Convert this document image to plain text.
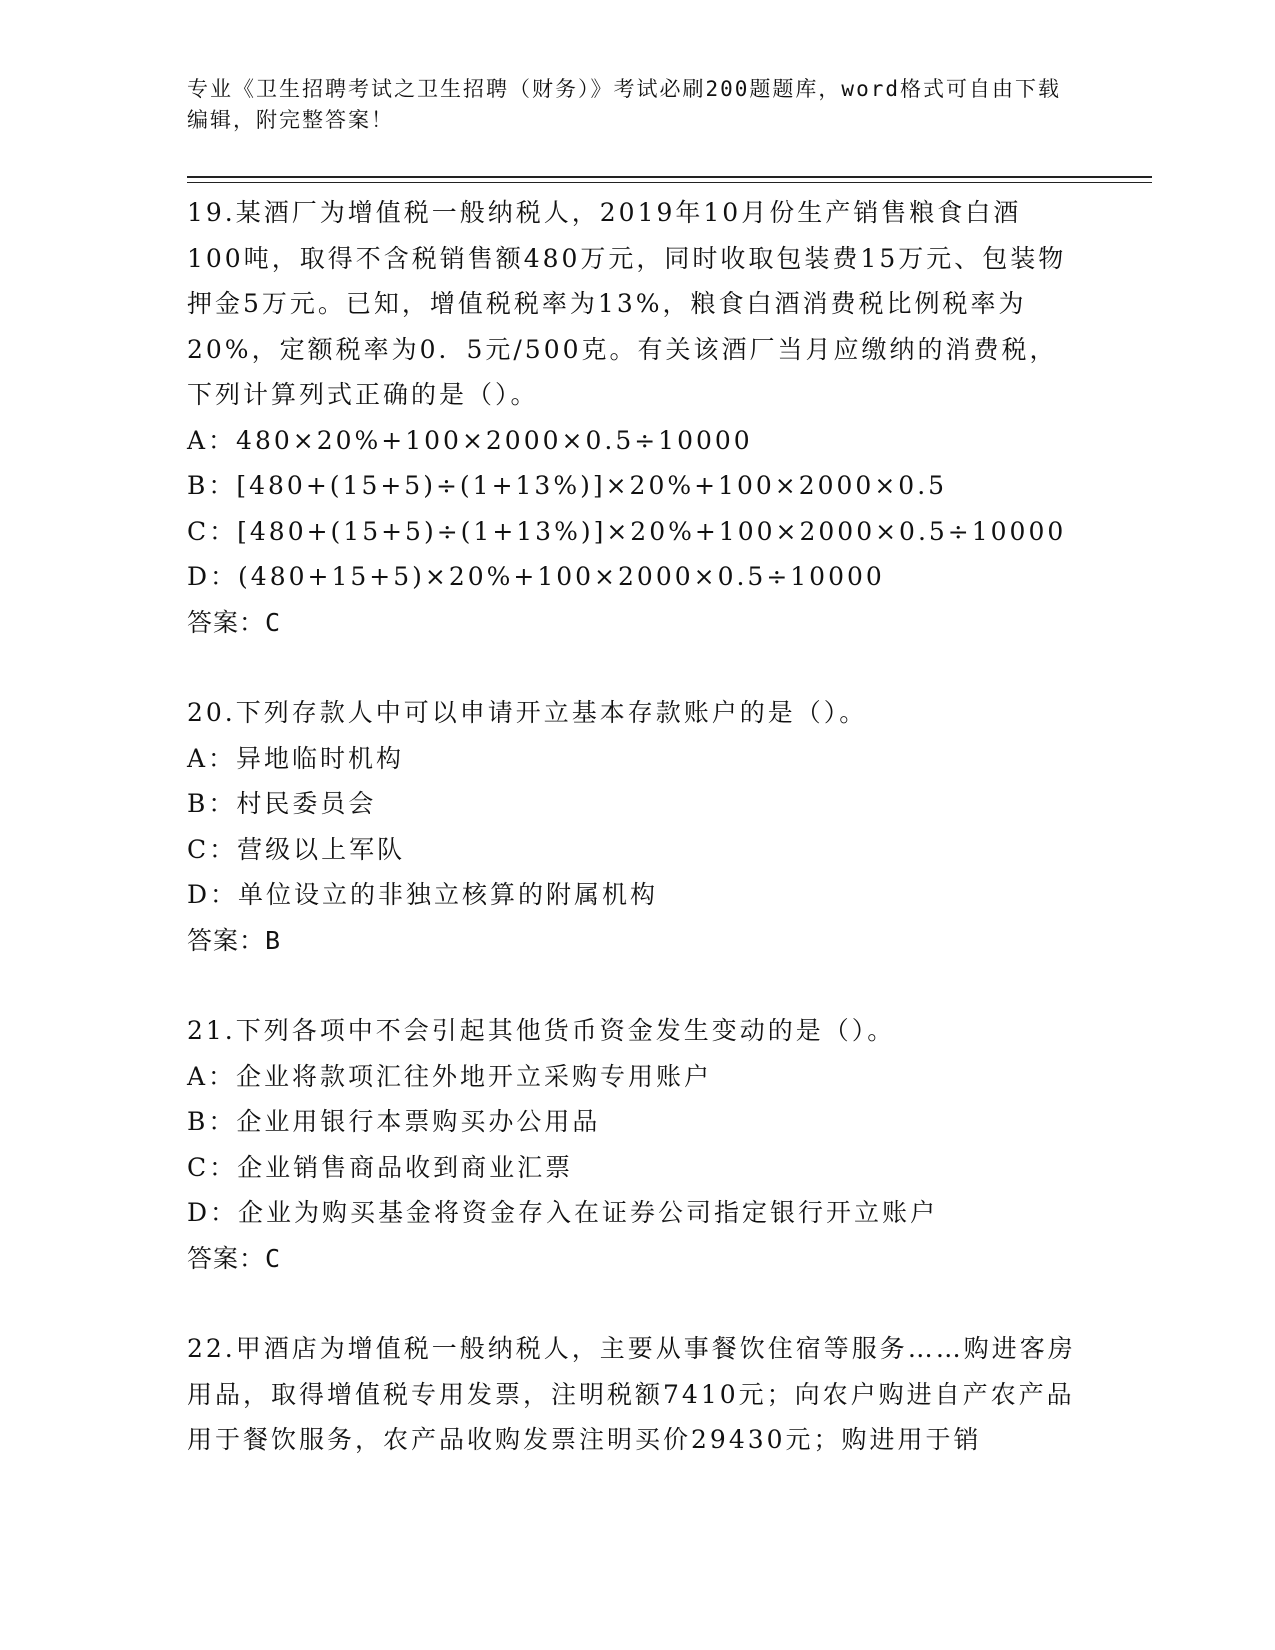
专业《卫生招聘考试之卫生招聘（财务）》考试必刷200题题库，word格式可自由下载编辑，附完整答案！

19.某酒厂为增值税一般纳税人，2019年10月份生产销售粮食白酒100吨，取得不含税销售额480万元，同时收取包装费15万元、包装物押金5万元。已知，增值税税率为13%，粮食白酒消费税比例税率为20%，定额税率为0．5元/500克。有关该酒厂当月应缴纳的消费税，下列计算列式正确的是（）。

A：480×20%+100×2000×0.5÷10000

B：[480+(15+5)÷(1+13%)]×20%+100×2000×0.5

C：[480+(15+5)÷(1+13%)]×20%+100×2000×0.5÷10000

D：(480+15+5)×20%+100×2000×0.5÷10000

答案：C

20.下列存款人中可以申请开立基本存款账户的是（）。

A：异地临时机构

B：村民委员会

C：营级以上军队

D：单位设立的非独立核算的附属机构

答案：B

21.下列各项中不会引起其他货币资金发生变动的是（）。

A：企业将款项汇往外地开立采购专用账户

B：企业用银行本票购买办公用品

C：企业销售商品收到商业汇票

D：企业为购买基金将资金存入在证券公司指定银行开立账户

答案：C

22.甲酒店为增值税一般纳税人，主要从事餐饮住宿等服务……购进客房用品，取得增值税专用发票，注明税额7410元；向农户购进自产农产品用于餐饮服务，农产品收购发票注明买价29430元；购进用于销
